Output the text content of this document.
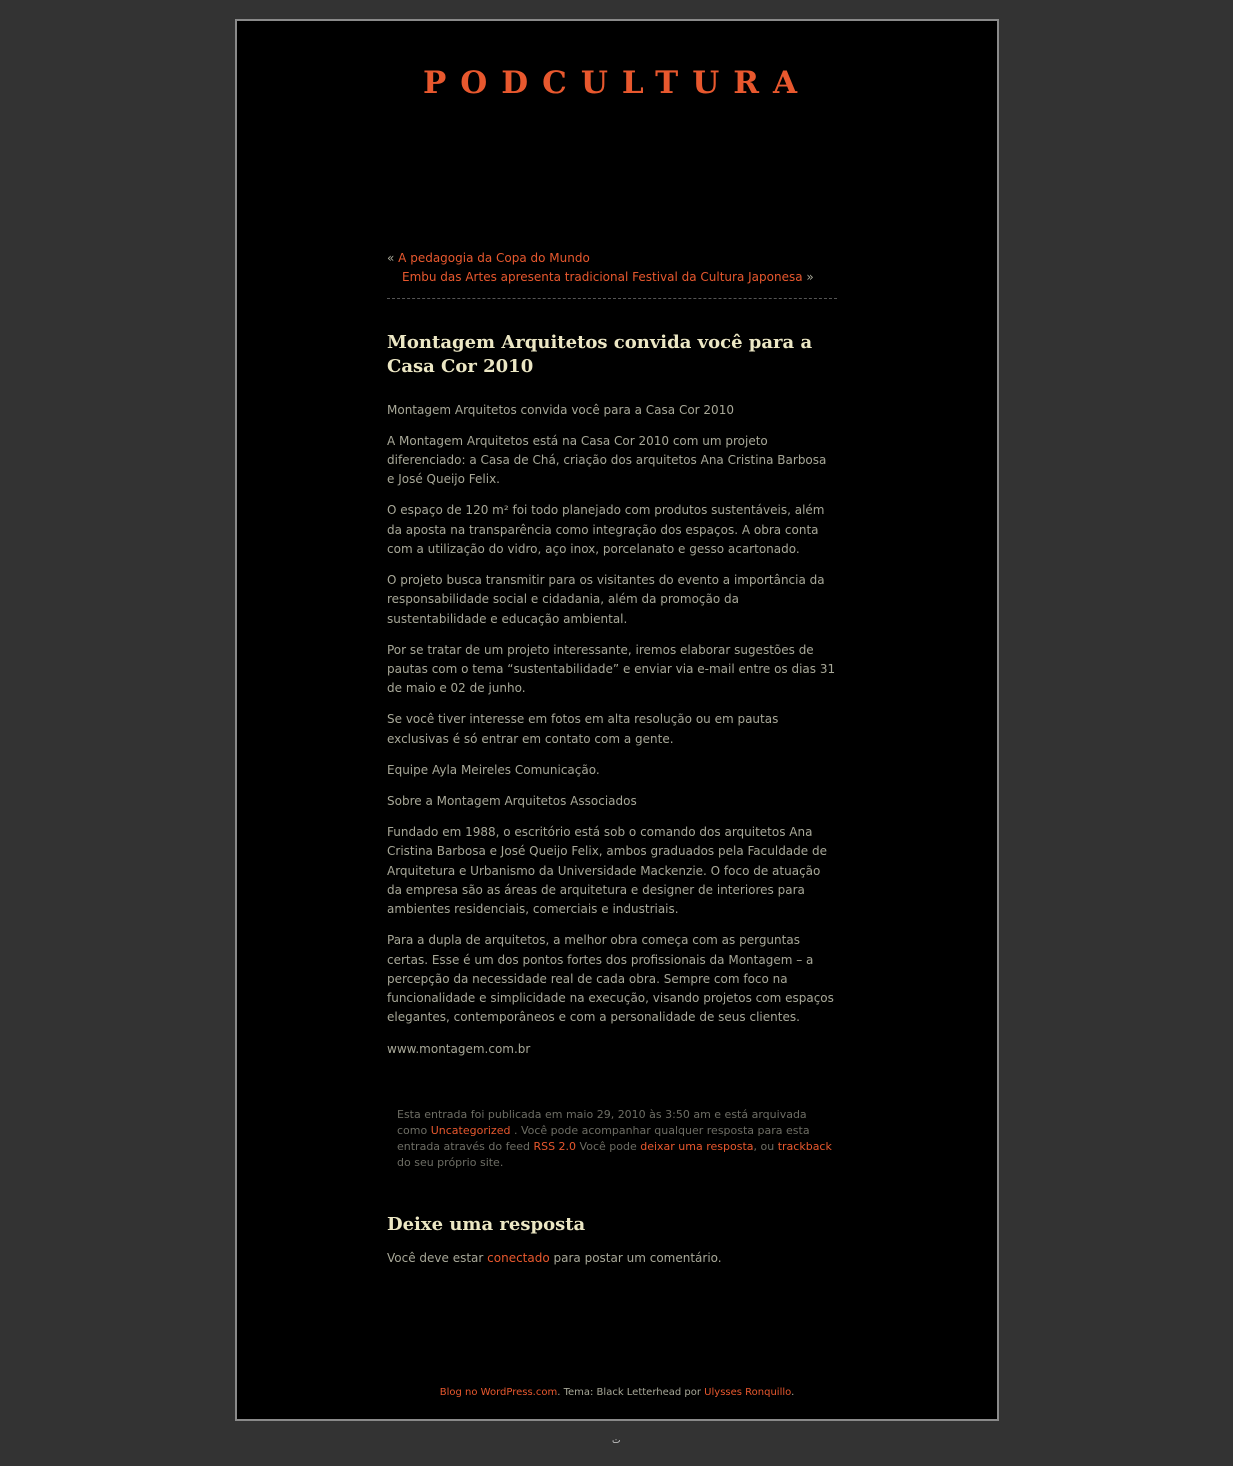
PODCULTURA

« A pedagogia da Copa do Mundo

Embu das Artes apresenta tradicional Festival da Cultura Japonesa »

Montagem Arquitetos convida você para a Casa Cor 2010

Montagem Arquitetos convida você para a Casa Cor 2010

A Montagem Arquitetos está na Casa Cor 2010 com um projeto diferenciado: a Casa de Chá, criação dos arquitetos Ana Cristina Barbosa e José Queijo Felix.

O espaço de 120 m² foi todo planejado com produtos sustentáveis, além da aposta na transparência como integração dos espaços. A obra conta com a utilização do vidro, aço inox, porcelanato e gesso acartonado.

O projeto busca transmitir para os visitantes do evento a importância da responsabilidade social e cidadania, além da promoção da sustentabilidade e educação ambiental.

Por se tratar de um projeto interessante, iremos elaborar sugestões de pautas com o tema “sustentabilidade” e enviar via e-mail entre os dias 31 de maio e 02 de junho.

Se você tiver interesse em fotos em alta resolução ou em pautas exclusivas é só entrar em contato com a gente.

Equipe Ayla Meireles Comunicação.

Sobre a Montagem Arquitetos Associados

Fundado em 1988, o escritório está sob o comando dos arquitetos Ana Cristina Barbosa e José Queijo Felix, ambos graduados pela Faculdade de Arquitetura e Urbanismo da Universidade Mackenzie. O foco de atuação da empresa são as áreas de arquitetura e designer de interiores para ambientes residenciais, comerciais e industriais.

Para a dupla de arquitetos, a melhor obra começa com as perguntas certas. Esse é um dos pontos fortes dos profissionais da Montagem – a percepção da necessidade real de cada obra. Sempre com foco na funcionalidade e simplicidade na execução, visando projetos com espaços elegantes, contemporâneos e com a personalidade de seus clientes.

www.montagem.com.br

Esta entrada foi publicada em maio 29, 2010 às 3:50 am e está arquivada como Uncategorized . Você pode acompanhar qualquer resposta para esta entrada através do feed RSS 2.0 Você pode deixar uma resposta, ou trackback do seu próprio site.
Deixe uma resposta

Você deve estar conectado para postar um comentário.

Blog no WordPress.com. Tema: Black Letterhead por Ulysses Ronquillo.
ت
